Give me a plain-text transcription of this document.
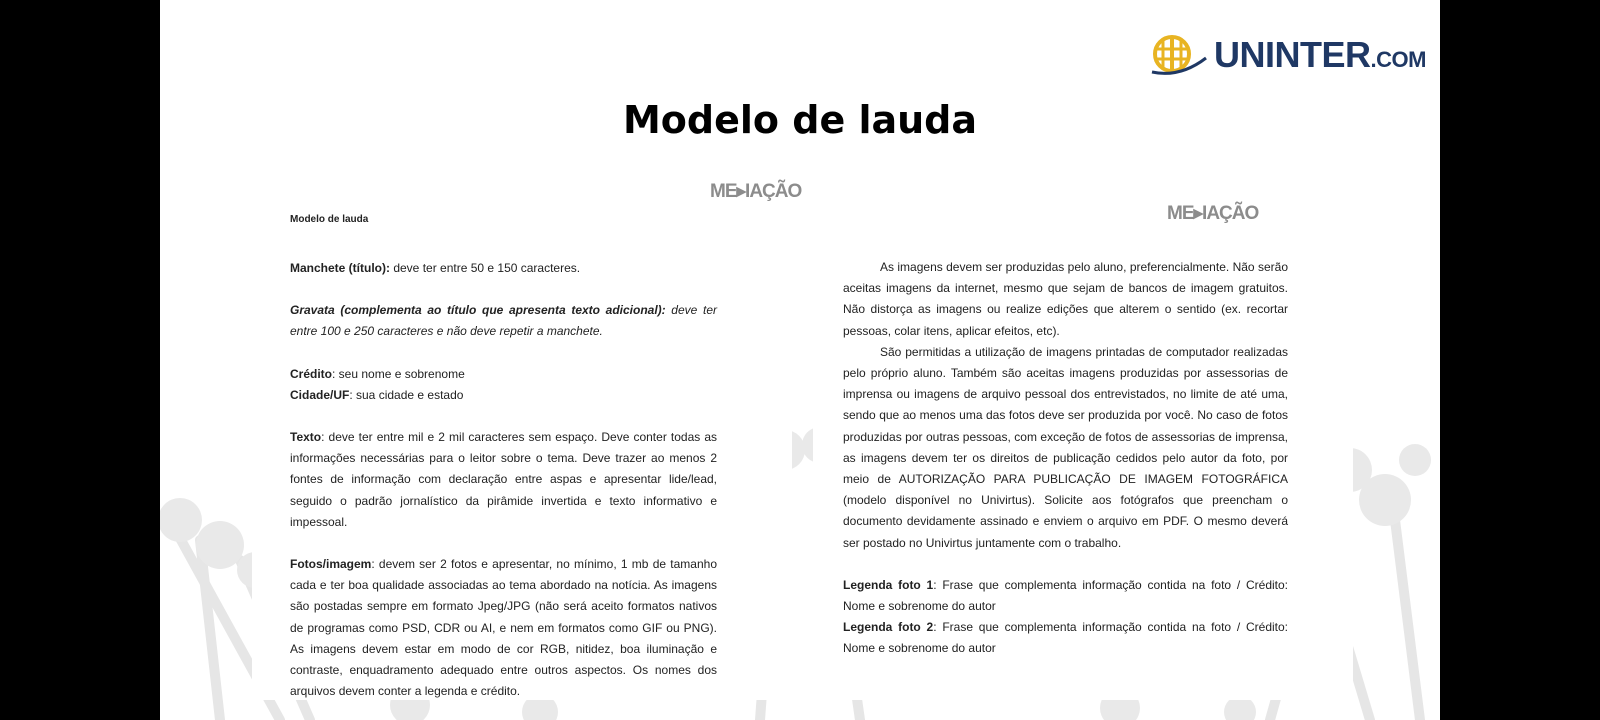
UNINTER.COM
Modelo de lauda
ME▸IAÇÃO
ME▸IAÇÃO
Modelo de lauda

Manchete (título): deve ter entre 50 e 150 caracteres.

Gravata (complementa ao título que apresenta texto adicional): deve ter entre 100 e 250 caracteres e não deve repetir a manchete.

Crédito: seu nome e sobrenome

Cidade/UF: sua cidade e estado

Texto: deve ter entre mil e 2 mil caracteres sem espaço. Deve conter todas as informações necessárias para o leitor sobre o tema. Deve trazer ao menos 2 fontes de informação com declaração entre aspas e apresentar lide/lead, seguido o padrão jornalístico da pirâmide invertida e texto informativo e impessoal.

Fotos/imagem: devem ser 2 fotos e apresentar, no mínimo, 1 mb de tamanho cada e ter boa qualidade associadas ao tema abordado na notícia. As imagens são postadas sempre em formato Jpeg/JPG (não será aceito formatos nativos de programas como PSD, CDR ou AI, e nem em formatos como GIF ou PNG). As imagens devem estar em modo de cor RGB, nitidez, boa iluminação e contraste, enquadramento adequado entre outros aspectos. Os nomes dos arquivos devem conter a legenda e crédito.

As imagens devem ser produzidas pelo aluno, preferencialmente. Não serão aceitas imagens da internet, mesmo que sejam de bancos de imagem gratuitos. Não distorça as imagens ou realize edições que alterem o sentido (ex. recortar pessoas, colar itens, aplicar efeitos, etc).

São permitidas a utilização de imagens printadas de computador realizadas pelo próprio aluno. Também são aceitas imagens produzidas por assessorias de imprensa ou imagens de arquivo pessoal dos entrevistados, no limite de até uma, sendo que ao menos uma das fotos deve ser produzida por você. No caso de fotos produzidas por outras pessoas, com exceção de fotos de assessorias de imprensa, as imagens devem ter os direitos de publicação cedidos pelo autor da foto, por meio de AUTORIZAÇÃO PARA PUBLICAÇÃO DE IMAGEM FOTOGRÁFICA (modelo disponível no Univirtus). Solicite aos fotógrafos que preencham o documento devidamente assinado e enviem o arquivo em PDF. O mesmo deverá ser postado no Univirtus juntamente com o trabalho.

Legenda foto 1: Frase que complementa informação contida na foto / Crédito: Nome e sobrenome do autor

Legenda foto 2: Frase que complementa informação contida na foto / Crédito: Nome e sobrenome do autor
